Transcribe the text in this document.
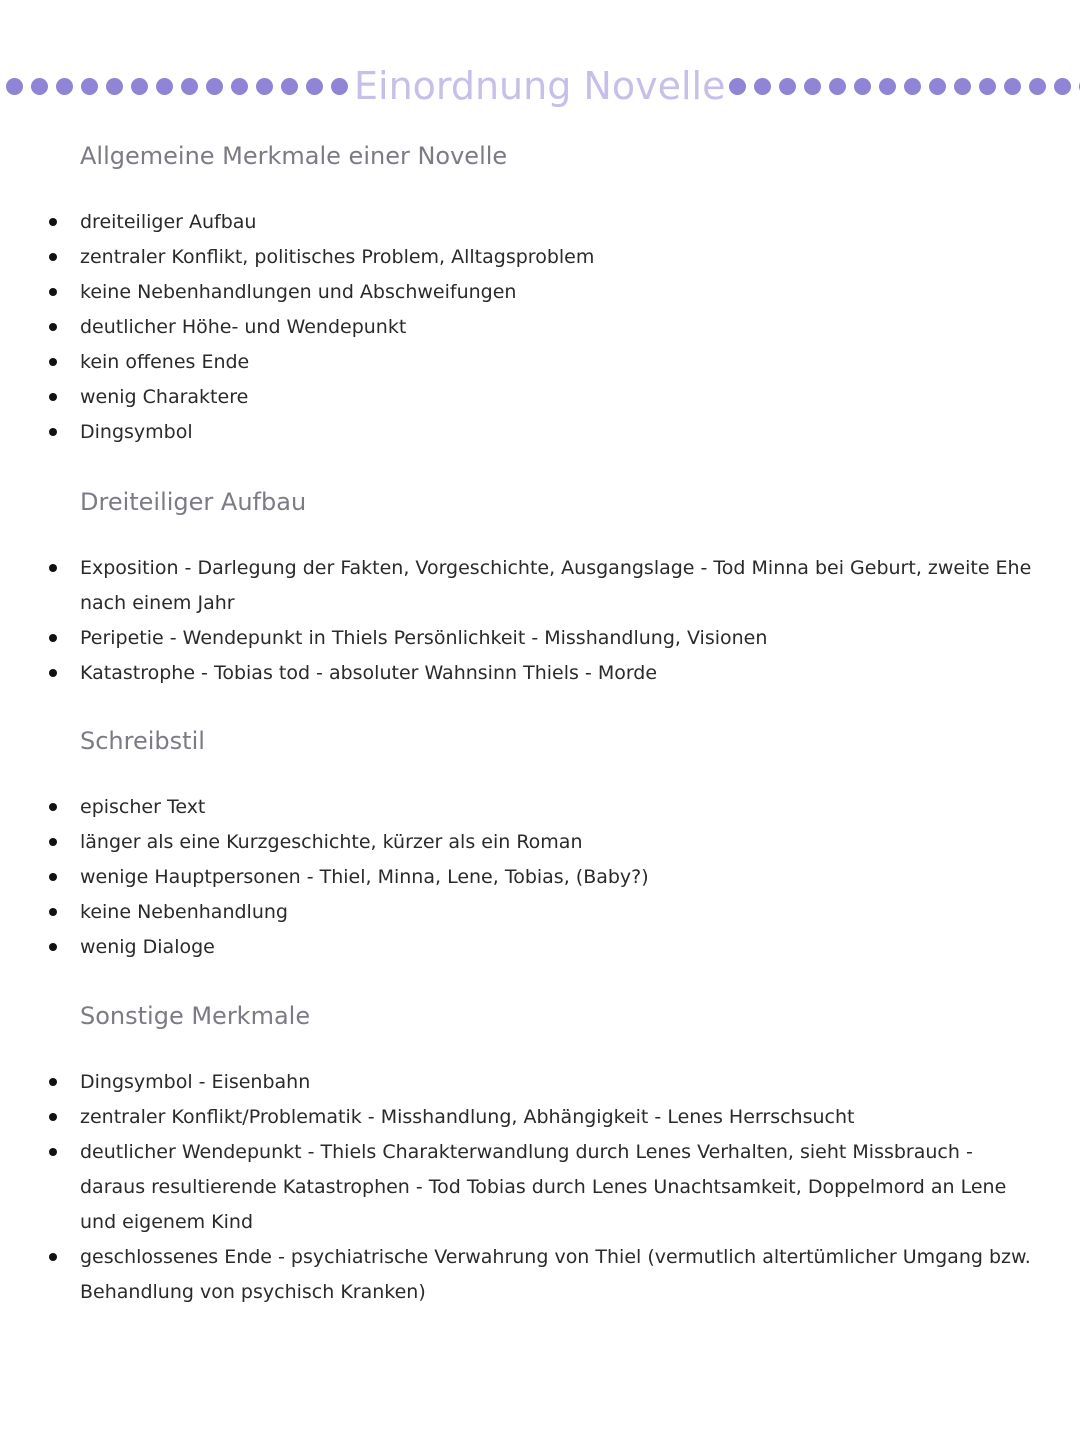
Einordnung Novelle
Allgemeine Merkmale einer Novelle
dreiteiliger Aufbau
zentraler Konflikt, politisches Problem, Alltagsproblem
keine Nebenhandlungen und Abschweifungen
deutlicher Höhe- und Wendepunkt
kein offenes Ende
wenig Charaktere
Dingsymbol
Dreiteiliger Aufbau
Exposition - Darlegung der Fakten, Vorgeschichte, Ausgangslage - Tod Minna bei Geburt, zweite Ehe nach einem Jahr
Peripetie - Wendepunkt in Thiels Persönlichkeit - Misshandlung, Visionen
Katastrophe - Tobias tod - absoluter Wahnsinn Thiels - Morde
Schreibstil
epischer Text
länger als eine Kurzgeschichte, kürzer als ein Roman
wenige Hauptpersonen - Thiel, Minna, Lene, Tobias, (Baby?)
keine Nebenhandlung
wenig Dialoge
Sonstige Merkmale
Dingsymbol - Eisenbahn
zentraler Konflikt/Problematik - Misshandlung, Abhängigkeit - Lenes Herrschsucht
deutlicher Wendepunkt - Thiels Charakterwandlung durch Lenes Verhalten, sieht Missbrauch - daraus resultierende Katastrophen - Tod Tobias durch Lenes Unachtsamkeit, Doppelmord an Lene und eigenem Kind
geschlossenes Ende - psychiatrische Verwahrung von Thiel (vermutlich altertümlicher Umgang bzw. Behandlung von psychisch Kranken)
